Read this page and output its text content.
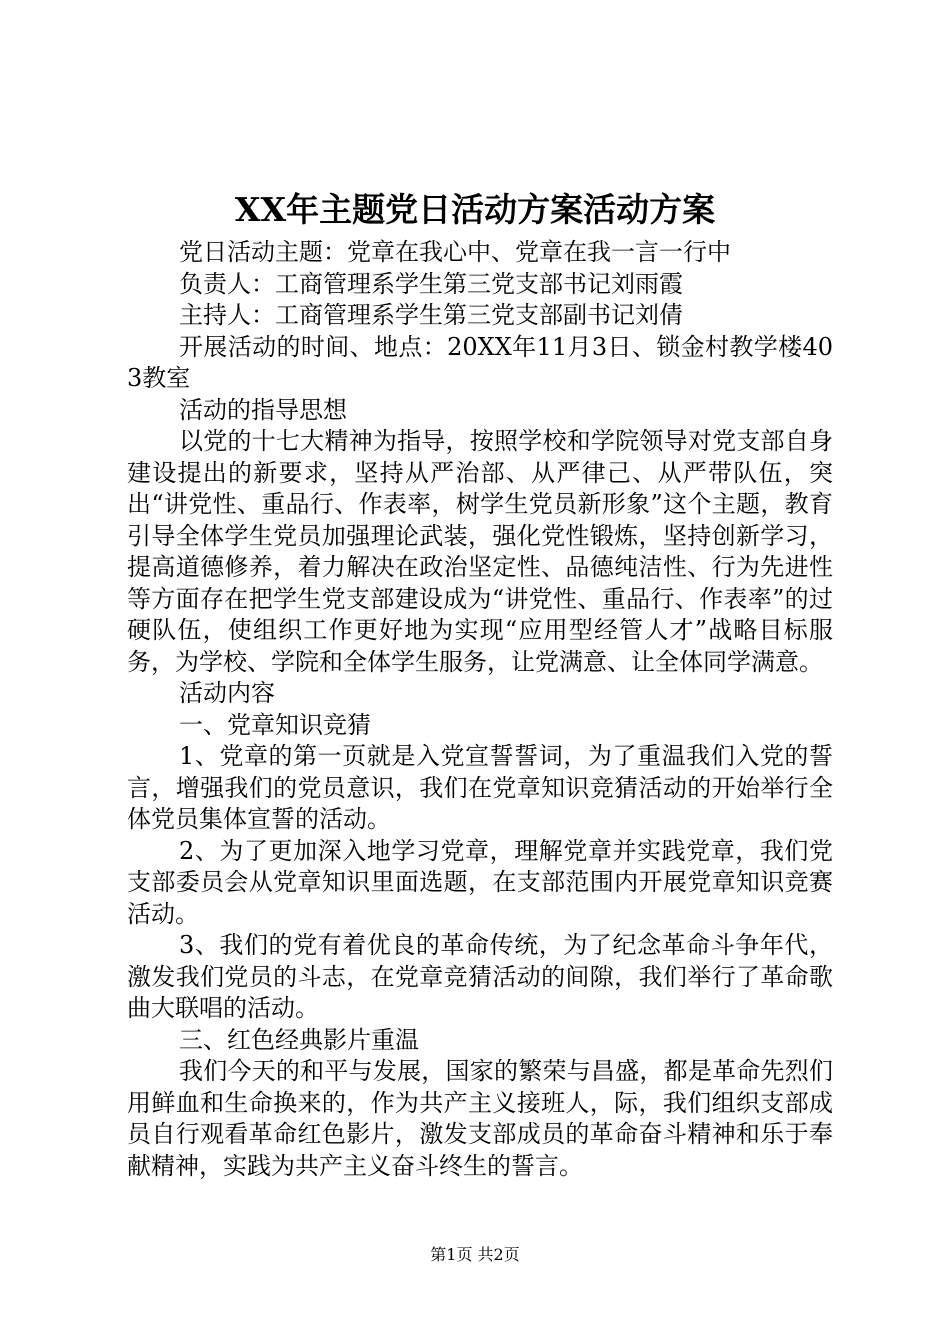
XX年主题党日活动方案活动方案

党日活动主题：党章在我心中、党章在我一言一行中

负责人：工商管理系学生第三党支部书记刘雨霞

主持人：工商管理系学生第三党支部副书记刘倩

开展活动的时间、地点：20XX年11月3日、锁金村教学楼403教室

活动的指导思想

以党的十七大精神为指导，按照学校和学院领导对党支部自身建设提出的新要求，坚持从严治部、从严律己、从严带队伍，突出“讲党性、重品行、作表率，树学生党员新形象”这个主题，教育引导全体学生党员加强理论武装，强化党性锻炼，坚持创新学习，提高道德修养，着力解决在政治坚定性、品德纯洁性、行为先进性等方面存在把学生党支部建设成为“讲党性、重品行、作表率”的过硬队伍，使组织工作更好地为实现“应用型经管人才”战略目标服务，为学校、学院和全体学生服务，让党满意、让全体同学满意。

活动内容

一、党章知识竞猜

1、党章的第一页就是入党宣誓誓词，为了重温我们入党的誓言，增强我们的党员意识，我们在党章知识竞猜活动的开始举行全体党员集体宣誓的活动。

2、为了更加深入地学习党章，理解党章并实践党章，我们党支部委员会从党章知识里面选题，在支部范围内开展党章知识竞赛活动。

3、我们的党有着优良的革命传统，为了纪念革命斗争年代，激发我们党员的斗志，在党章竞猜活动的间隙，我们举行了革命歌曲大联唱的活动。

三、红色经典影片重温

我们今天的和平与发展，国家的繁荣与昌盛，都是革命先烈们用鲜血和生命换来的，作为共产主义接班人，际，我们组织支部成员自行观看革命红色影片，激发支部成员的革命奋斗精神和乐于奉献精神，实践为共产主义奋斗终生的誓言。

第1页 共2页
